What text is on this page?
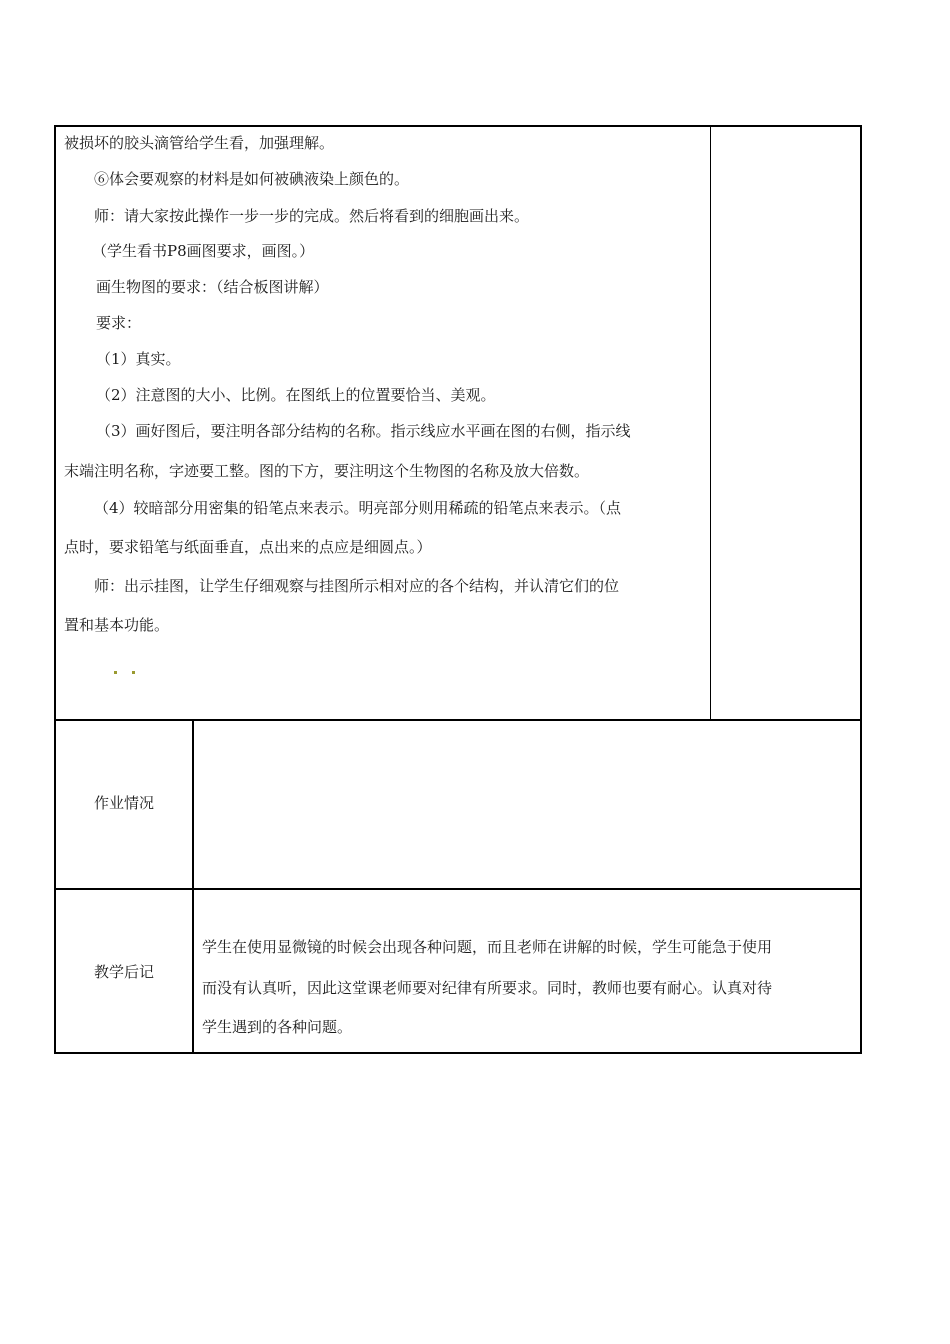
被损坏的胶头滴管给学生看，加强理解。
⑥体会要观察的材料是如何被碘液染上颜色的。
师：请大家按此操作一步一步的完成。然后将看到的细胞画出来。
（学生看书P8画图要求，画图。）
画生物图的要求：（结合板图讲解）
要求：
（1）真实。
（2）注意图的大小、比例。在图纸上的位置要恰当、美观。
（3）画好图后，要注明各部分结构的名称。指示线应水平画在图的右侧，指示线
末端注明名称，字迹要工整。图的下方，要注明这个生物图的名称及放大倍数。
（4）较暗部分用密集的铅笔点来表示。明亮部分则用稀疏的铅笔点来表示。（点
点时，要求铅笔与纸面垂直，点出来的点应是细圆点。）
师：出示挂图，让学生仔细观察与挂图所示相对应的各个结构，并认清它们的位
置和基本功能。
作业情况
教学后记
学生在使用显微镜的时候会出现各种问题，而且老师在讲解的时候，学生可能急于使用
而没有认真听，因此这堂课老师要对纪律有所要求。同时，教师也要有耐心。认真对待
学生遇到的各种问题。
